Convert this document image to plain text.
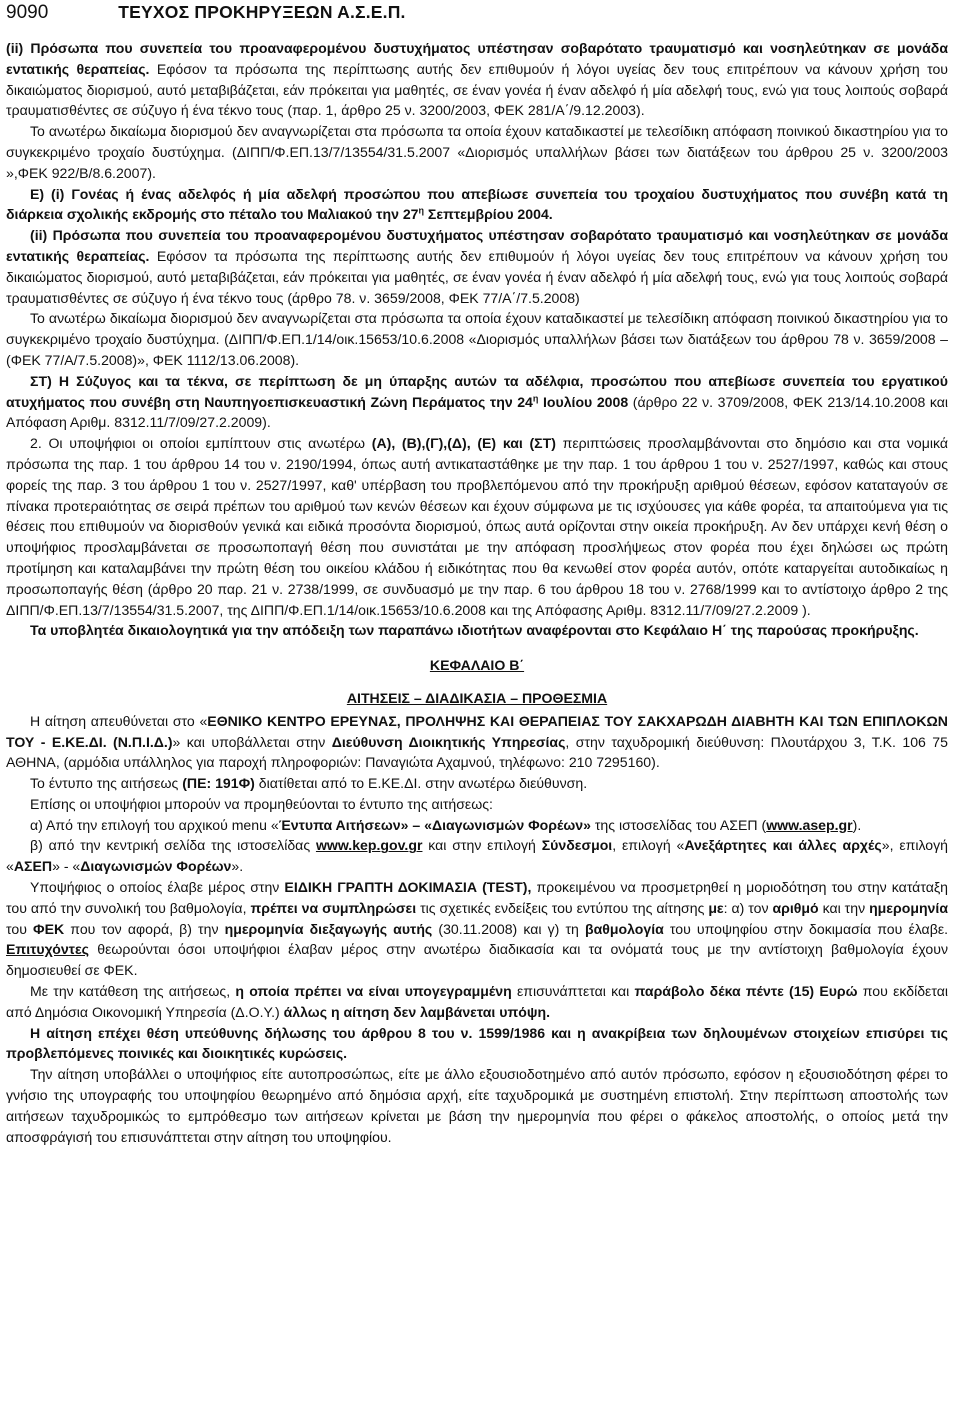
9090	ΤΕΥΧΟΣ ΠΡΟΚΗΡΥΞΕΩΝ Α.Σ.Ε.Π.

(ii) Πρόσωπα που συνεπεία του προαναφερομένου δυστυχήματος υπέστησαν σοβαρότατο τραυματισμό και νοσηλεύτηκαν σε μονάδα εντατικής θεραπείας. Εφόσον τα πρόσωπα της περίπτωσης αυτής δεν επιθυμούν ή λόγοι υγείας δεν τους επιτρέπουν να κάνουν χρήση του δικαιώματος διορισμού, αυτό μεταβιβάζεται, εάν πρόκειται για μαθητές, σε έναν γονέα ή έναν αδελφό ή μία αδελφή τους, ενώ για τους λοιπούς σοβαρά τραυματισθέντες σε σύζυγο ή ένα τέκνο τους (παρ. 1, άρθρο 25 ν. 3200/2003, ΦΕΚ 281/Α΄/9.12.2003).

Το ανωτέρω δικαίωμα διορισμού δεν αναγνωρίζεται στα πρόσωπα τα οποία έχουν καταδικαστεί με τελεσίδικη απόφαση ποινικού δικαστηρίου για το συγκεκριμένο τροχαίο δυστύχημα. (ΔΙΠΠ/Φ.ΕΠ.13/7/13554/31.5.2007 «Διορισμός υπαλλήλων βάσει των διατάξεων του άρθρου 25 ν. 3200/2003 »,ΦΕΚ 922/Β/8.6.2007).

Ε) (i) Γονέας ή ένας αδελφός ή μία αδελφή προσώπου που απεβίωσε συνεπεία του τροχαίου δυστυχήματος που συνέβη κατά τη διάρκεια σχολικής εκδρομής στο πέταλο του Μαλιακού την $27^\eta$ Σεπτεμβρίου 2004.

(ii) Πρόσωπα που συνεπεία του προαναφερομένου δυστυχήματος υπέστησαν σοβαρότατο τραυματισμό και νοσηλεύτηκαν σε μονάδα εντατικής θεραπείας. Εφόσον τα πρόσωπα της περίπτωσης αυτής δεν επιθυμούν ή λόγοι υγείας δεν τους επιτρέπουν να κάνουν χρήση του δικαιώματος διορισμού, αυτό μεταβιβάζεται, εάν πρόκειται για μαθητές, σε έναν γονέα ή έναν αδελφό ή μία αδελφή τους, ενώ για τους λοιπούς σοβαρά τραυματισθέντες σε σύζυγο ή ένα τέκνο τους (άρθρο 78. ν. 3659/2008, ΦΕΚ 77/Α΄/7.5.2008)

Το ανωτέρω δικαίωμα διορισμού δεν αναγνωρίζεται στα πρόσωπα τα οποία έχουν καταδικαστεί με τελεσίδικη απόφαση ποινικού δικαστηρίου για το συγκεκριμένο τροχαίο δυστύχημα. (ΔΙΠΠ/Φ.ΕΠ.1/14/οικ.15653/10.6.2008 «Διορισμός υπαλλήλων βάσει των διατάξεων του άρθρου 78 ν. 3659/2008 – (ΦΕΚ 77/Α/7.5.2008)», ΦΕΚ 1112/13.06.2008).

ΣΤ) Η Σύζυγος και τα τέκνα, σε περίπτωση δε μη ύπαρξης αυτών τα αδέλφια, προσώπου που απεβίωσε συνεπεία του εργατικού ατυχήματος που συνέβη στη Ναυπηγοεπισκευαστική Ζώνη Περάματος την $24^\eta$ Ιουλίου 2008 (άρθρο 22 ν. 3709/2008, ΦΕΚ 213/14.10.2008 και Απόφαση Αριθμ. 8312.11/7/09/27.2.2009).

2. Οι υποψήφιοι οι οποίοι εμπίπτουν στις ανωτέρω (Α), (Β),(Γ),(Δ), (Ε) και (ΣΤ) περιπτώσεις προσλαμβάνονται στο δημόσιο και στα νομικά πρόσωπα της παρ. 1 του άρθρου 14 του ν. 2190/1994, όπως αυτή αντικαταστάθηκε με την παρ. 1 του άρθρου 1 του ν. 2527/1997, καθώς και στους φορείς της παρ. 3 του άρθρου 1 του ν. 2527/1997, καθ' υπέρβαση του προβλεπόμενου από την προκήρυξη αριθμού θέσεων, εφόσον καταταγούν σε πίνακα προτεραιότητας σε σειρά πρέπων του αριθμού των κενών θέσεων και έχουν σύμφωνα με τις ισχύουσες για κάθε φορέα, τα απαιτούμενα για τις θέσεις που επιθυμούν να διορισθούν γενικά και ειδικά προσόντα διορισμού, όπως αυτά ορίζονται στην οικεία προκήρυξη. Αν δεν υπάρχει κενή θέση ο υποψήφιος προσλαμβάνεται σε προσωποπαγή θέση που συνιστάται με την απόφαση προσλήψεως στον φορέα που έχει δηλώσει ως πρώτη προτίμηση και καταλαμβάνει την πρώτη θέση του οικείου κλάδου ή ειδικότητας που θα κενωθεί στον φορέα αυτόν, οπότε καταργείται αυτοδικαίως η προσωποπαγής θέση (άρθρο 20 παρ. 21 ν. 2738/1999, σε συνδυασμό με την παρ. 6 του άρθρου 18 του ν. 2768/1999 και το αντίστοιχο άρθρο 2 της ΔΙΠΠ/Φ.ΕΠ.13/7/13554/31.5.2007, της ΔΙΠΠ/Φ.ΕΠ.1/14/οικ.15653/10.6.2008 και της Απόφασης Αριθμ. 8312.11/7/09/27.2.2009 ).

Τα υποβλητέα δικαιολογητικά για την απόδειξη των παραπάνω ιδιοτήτων αναφέρονται στο Κεφάλαιο Η΄ της παρούσας προκήρυξης.

ΚΕΦΑΛΑΙΟ Β΄

ΑΙΤΗΣΕΙΣ – ΔΙΑΔΙΚΑΣΙΑ – ΠΡΟΘΕΣΜΙΑ

Η αίτηση απευθύνεται στο «ΕΘΝΙΚΟ ΚΕΝΤΡΟ ΕΡΕΥΝΑΣ, ΠΡΟΛΗΨΗΣ ΚΑΙ ΘΕΡΑΠΕΙΑΣ ΤΟΥ ΣΑΚΧΑΡΩΔΗ ΔΙΑΒΗΤΗ ΚΑΙ ΤΩΝ ΕΠΙΠΛΟΚΩΝ ΤΟΥ - Ε.ΚΕ.ΔΙ. (Ν.Π.Ι.Δ.)» και υποβάλλεται στην Διεύθυνση Διοικητικής Υπηρεσίας, στην ταχυδρομική διεύθυνση: Πλουτάρχου 3, Τ.Κ. 106 75 ΑΘΗΝΑ, (αρμόδια υπάλληλος για παροχή πληροφοριών: Παναγιώτα Αχαμνού, τηλέφωνο: 210 7295160).

Το έντυπο της αιτήσεως (ΠΕ: 191Φ) διατίθεται από το Ε.ΚΕ.ΔΙ. στην ανωτέρω διεύθυνση.

Επίσης οι υποψήφιοι μπορούν να προμηθεύονται το έντυπο της αιτήσεως:

α) Από την επιλογή του αρχικού menu «Έντυπα Αιτήσεων» – «Διαγωνισμών Φορέων» της ιστοσελίδας του ΑΣΕΠ (www.asep.gr).

β) από την κεντρική σελίδα της ιστοσελίδας www.kep.gov.gr και στην επιλογή Σύνδεσμοι, επιλογή «Ανεξάρτητες και άλλες αρχές», επιλογή «ΑΣΕΠ» - «Διαγωνισμών Φορέων».

Υποψήφιος ο οποίος έλαβε μέρος στην ΕΙΔΙΚΗ ΓΡΑΠΤΗ ΔΟΚΙΜΑΣΙΑ (TEST), προκειμένου να προσμετρηθεί η μοριοδότηση του στην κατάταξη του από την συνολική του βαθμολογία, πρέπει να συμπληρώσει τις σχετικές ενδείξεις του εντύπου της αίτησης με: α) τον αριθμό και την ημερομηνία του ΦΕΚ που τον αφορά, β) την ημερομηνία διεξαγωγής αυτής (30.11.2008) και γ) τη βαθμολογία του υποψηφίου στην δοκιμασία που έλαβε. Επιτυχόντες θεωρούνται όσοι υποψήφιοι έλαβαν μέρος στην ανωτέρω διαδικασία και τα ονόματά τους με την αντίστοιχη βαθμολογία έχουν δημοσιευθεί σε ΦΕΚ.

Με την κατάθεση της αιτήσεως, η οποία πρέπει να είναι υπογεγραμμένη επισυνάπτεται και παράβολο δέκα πέντε (15) Ευρώ που εκδίδεται από Δημόσια Οικονομική Υπηρεσία (Δ.Ο.Υ.) άλλως η αίτηση δεν λαμβάνεται υπόψη.

Η αίτηση επέχει θέση υπεύθυνης δήλωσης του άρθρου 8 του ν. 1599/1986 και η ανακρίβεια των δηλουμένων στοιχείων επισύρει τις προβλεπόμενες ποινικές και διοικητικές κυρώσεις.

Την αίτηση υποβάλλει ο υποψήφιος είτε αυτοπροσώπως, είτε με άλλο εξουσιοδοτημένο από αυτόν πρόσωπο, εφόσον η εξουσιοδότηση φέρει το γνήσιο της υπογραφής του υποψηφίου θεωρημένο από δημόσια αρχή, είτε ταχυδρομικά με συστημένη επιστολή. Στην περίπτωση αποστολής των αιτήσεων ταχυδρομικώς το εμπρόθεσμο των αιτήσεων κρίνεται με βάση την ημερομηνία που φέρει ο φάκελος αποστολής, ο οποίος μετά την αποσφράγισή του επισυνάπτεται στην αίτηση του υποψηφίου.
